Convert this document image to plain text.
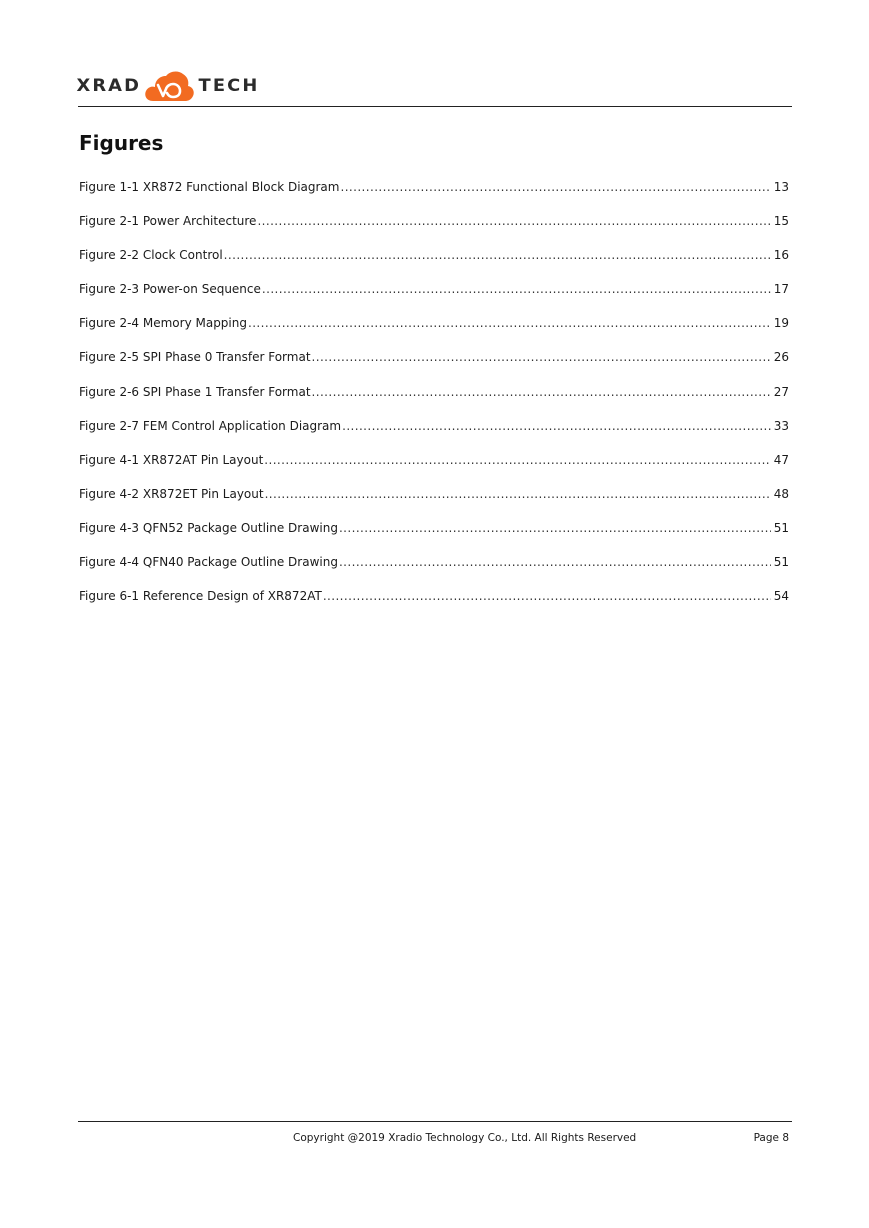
XRAD	TECH
Figures
Figure 1-1 XR872 Functional Block Diagram .....	13
Figure 2-1 Power Architecture .....	15
Figure 2-2 Clock Control .....	16
Figure 2-3 Power-on Sequence .....	17
Figure 2-4 Memory Mapping .....	19
Figure 2-5 SPI Phase 0 Transfer Format .....	26
Figure 2-6 SPI Phase 1 Transfer Format .....	27
Figure 2-7 FEM Control Application Diagram .....	33
Figure 4-1 XR872AT Pin Layout .....	47
Figure 4-2 XR872ET Pin Layout .....	48
Figure 4-3 QFN52 Package Outline Drawing .....	51
Figure 4-4 QFN40 Package Outline Drawing .....	51
Figure 6-1 Reference Design of XR872AT .....	54
Copyright @2019 Xradio Technology Co., Ltd. All Rights Reserved	Page 8
